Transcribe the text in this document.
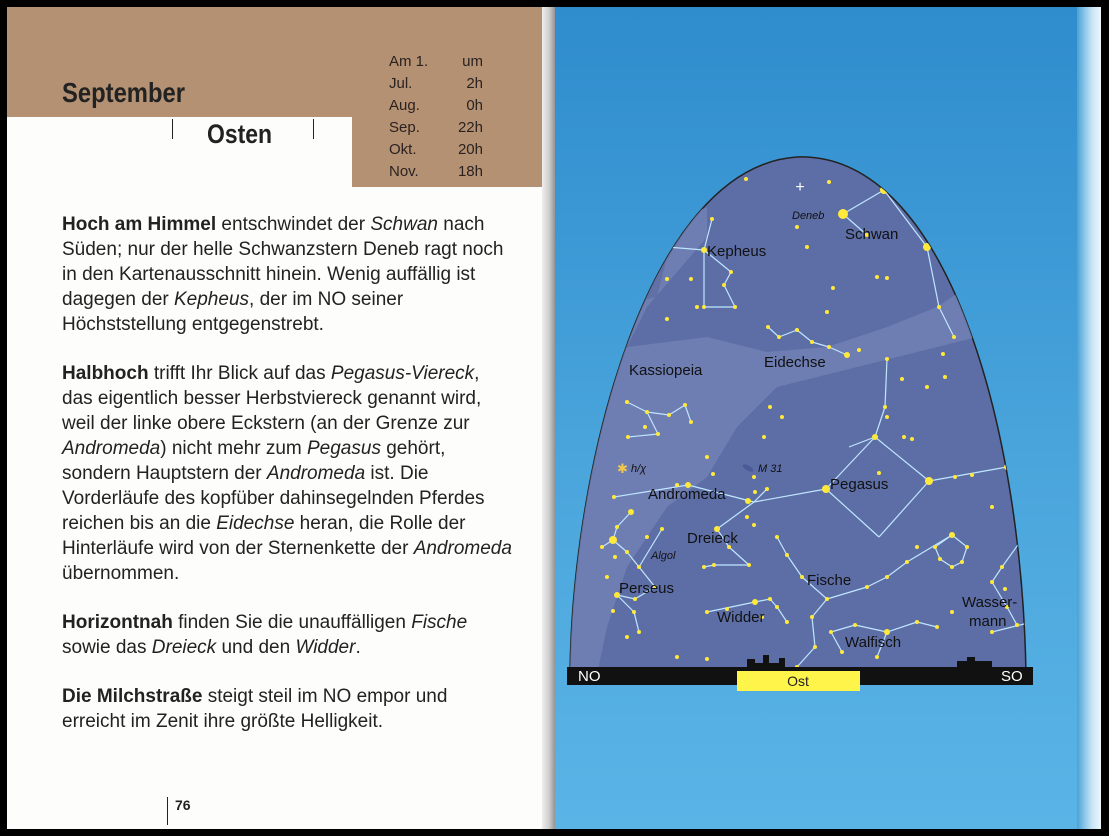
September
Osten
Am 1.	um
Jul.	2h
Aug.	0h
Sep.	22h
Okt.	20h
Nov.	18h

Hoch am Himmel entschwindet der Schwan nach Süden; nur der helle Schwanzstern Deneb ragt noch in den Kartenausschnitt hinein. Wenig auffällig ist dagegen der Kepheus, der im NO seiner Höchststellung entgegenstrebt.

Halbhoch trifft Ihr Blick auf das Pegasus-Viereck, das eigentlich besser Herbstviereck genannt wird, weil der linke obere Eckstern (an der Grenze zur Andromeda) nicht mehr zum Pegasus gehört, sondern Hauptstern der Andromeda ist. Die Vorderläufe des kopfüber dahinsegelnden Pferdes reichen bis an die Eidechse heran, die Rolle der Hinterläufe wird von der Sternenkette der Andromeda übernommen.

Horizontnah finden Sie die unauffälligen Fische sowie das Dreieck und den Widder.

Die Milchstraße steigt steil im NO empor und erreicht im Zenit ihre größte Helligkeit.

76
Kepheus
Schwan
Kassiopeia	Eidechse
Andromeda
Pegasus
Dreieck
Perseus	Fische
Widder
Wasser-
mann
Walfisch
Deneb
M 31
h/χ
Algol
✱
NO	Ost	SO
+
